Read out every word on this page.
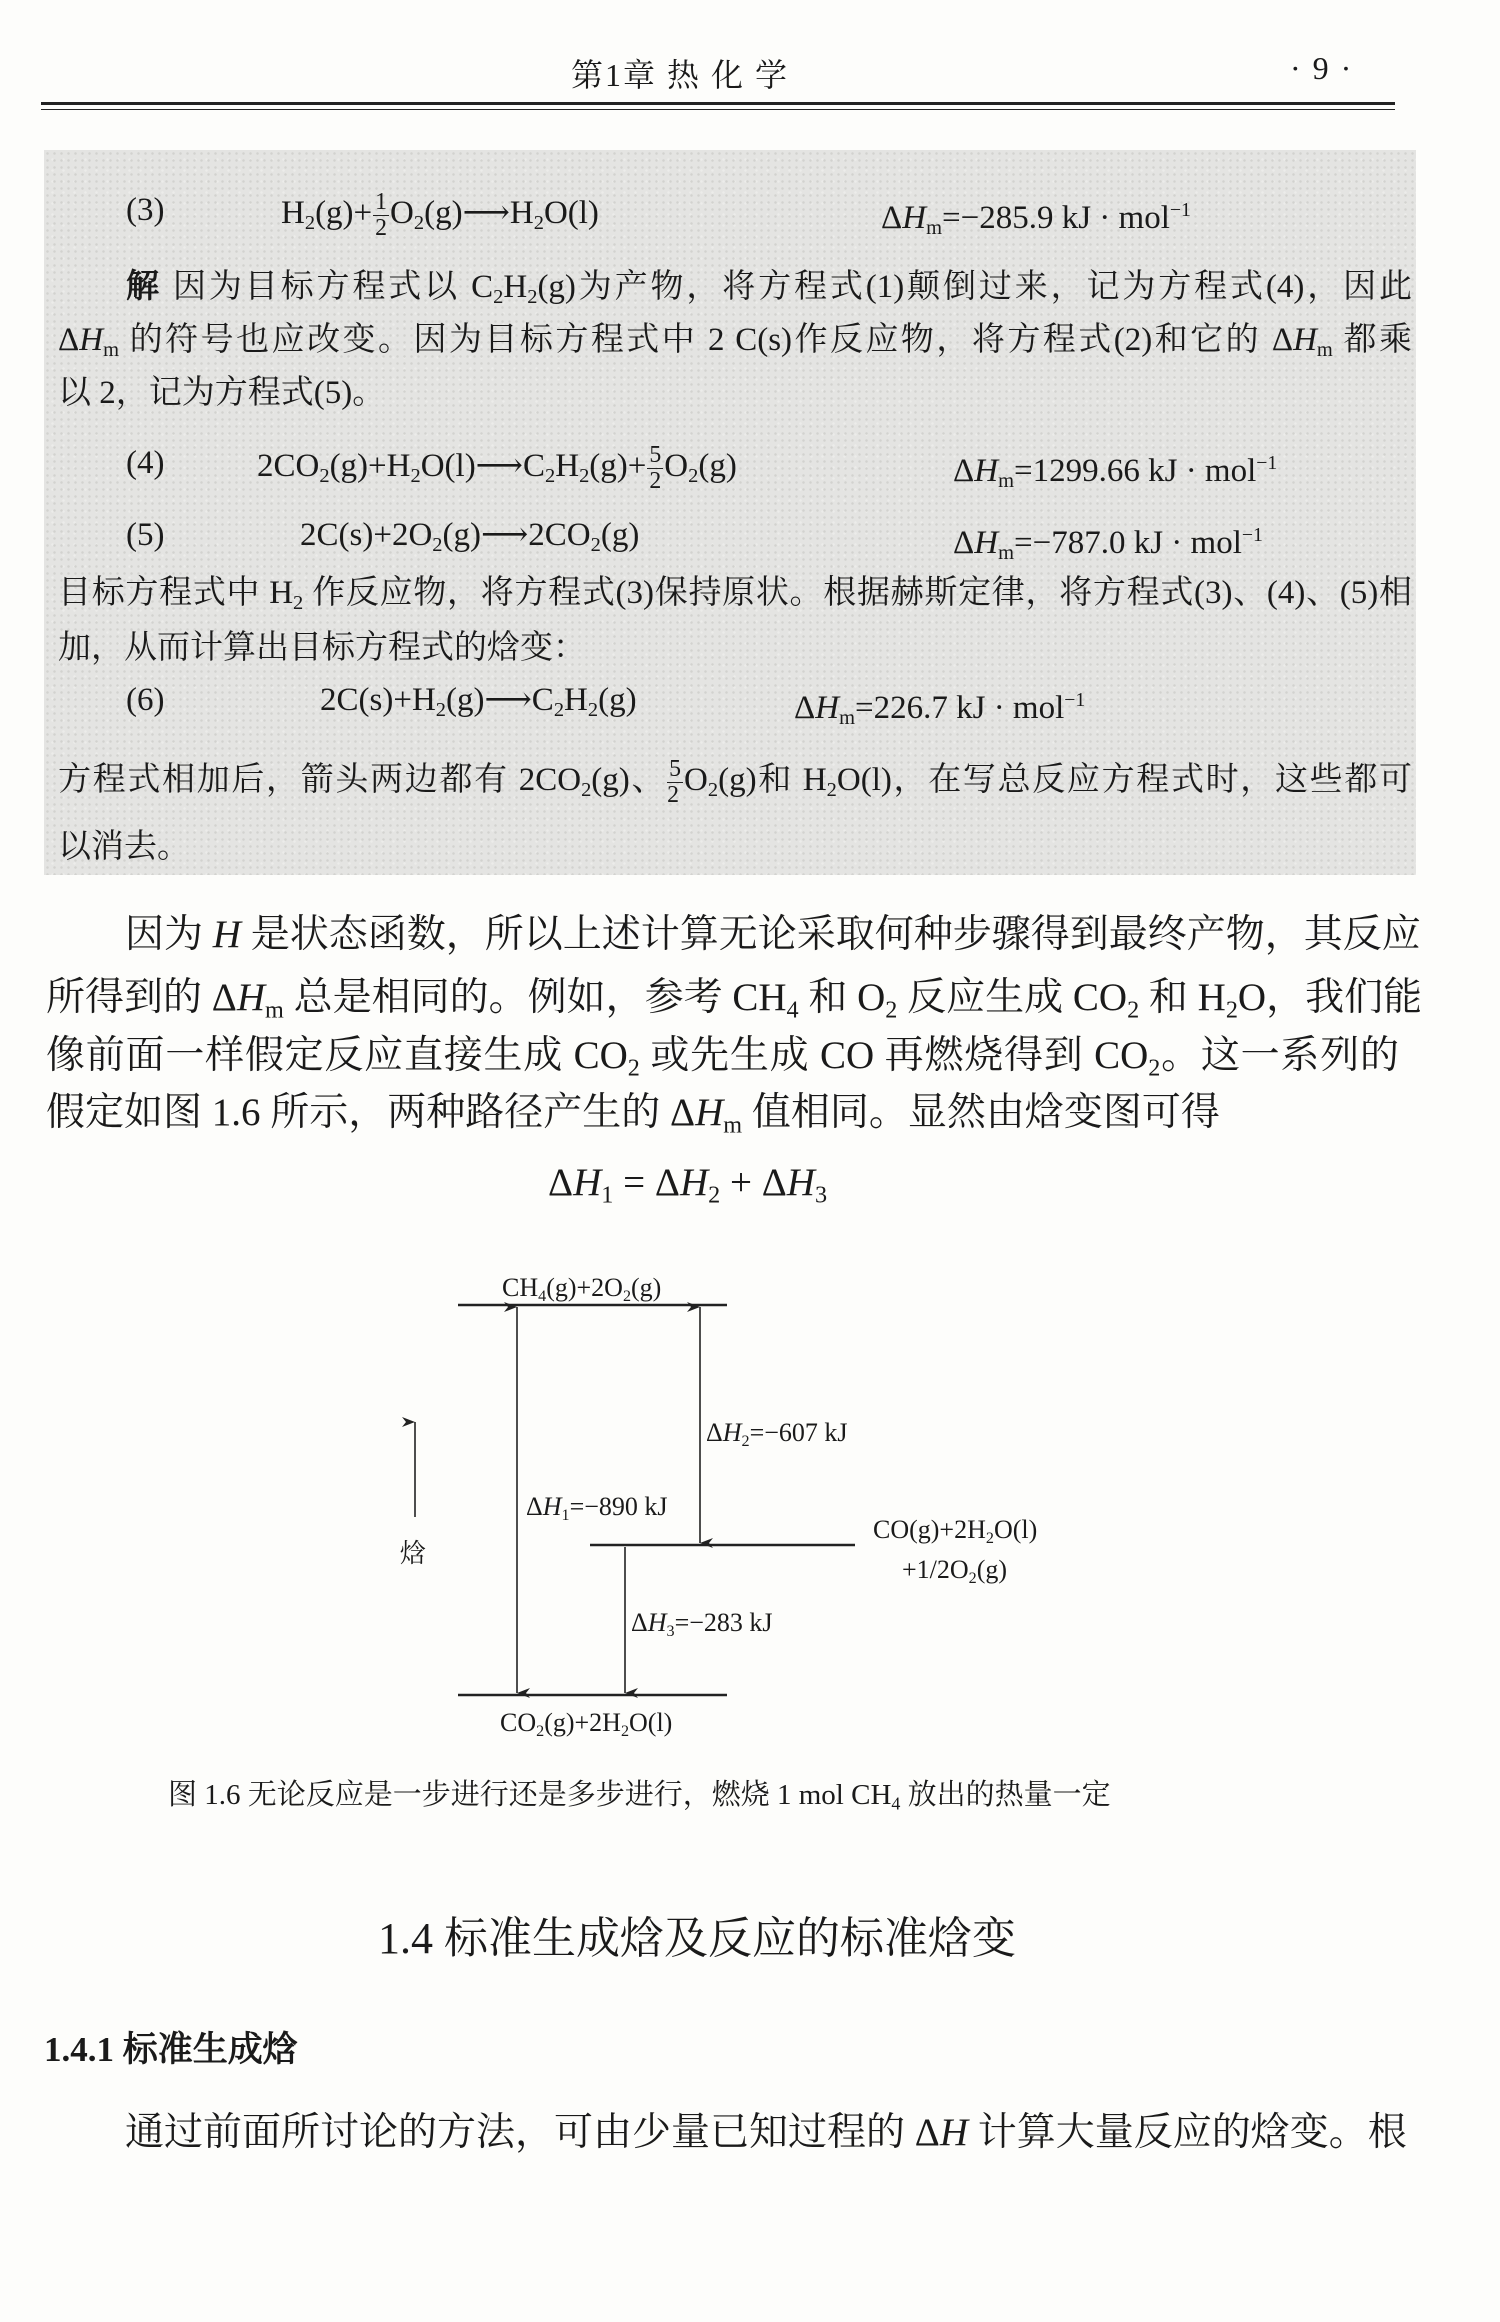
第1章 热 化 学	· 9 ·
(3)	$H_2(g)+ \frac{1}{2}$ $O_2(g)⟶H_2O(l)$	$\Delta H_m=-285.9$ kJ · mol$^{-1}$
解 因为目标方程式以 $C_2H_2(g)$为产物，将方程式(1)颠倒过来，记为方程式(4)，因此
$\Delta H_m$ 的符号也应改变。因为目标方程式中 2 C(s)作反应物，将方程式(2)和它的 $\Delta H_m$ 都乘
以 2，记为方程式(5)。
(4)	$2CO_2(g)+H_2O(l)⟶C_2H_2(g)+ \frac{5}{2} O_2(g)$	$\Delta H_m=1299.66$ kJ · mol$^{-1}$
(5)	$2C(s)+2O_2(g)⟶2CO_2(g)$	$\Delta H_m=-787.0$ kJ · mol$^{-1}$
目标方程式中 $H_2$ 作反应物，将方程式(3)保持原状。根据赫斯定律，将方程式(3)、(4)、(5)相
加，从而计算出目标方程式的焓变：
(6)	$2C(s)+H_2(g)⟶C_2H_2(g)$	$\Delta H_m=226.7$ kJ · mol$^{-1}$
方程式相加后，箭头两边都有 $2CO_2(g)$、 $\frac{5}{2} O_2(g)$和 $H_2O(l)$，在写总反应方程式时，这些都可
以消去。
因为 H 是状态函数，所以上述计算无论采取何种步骤得到最终产物，其反应
所得到的 $\Delta H_m$ 总是相同的。例如，参考 $CH_4$ 和 $O_2$ 反应生成 $CO_2$ 和 $H_2O$，我们能
像前面一样假定反应直接生成 $CO_2$ 或先生成 CO 再燃烧得到 $CO_2$。这一系列的
假定如图 1.6 所示，两种路径产生的 $\Delta H_m$ 值相同。显然由焓变图可得
$\Delta H_1 = \Delta H_2 + \Delta H_3$
$CH_4(g)+2O_2(g)$
$\Delta H_2=-607$ kJ
$\Delta H_1=-890$ kJ
$CO(g)+2H_2O(l)$
$+1/2O_2(g)$
$\Delta H_3=-283$ kJ
$CO_2(g)+2H_2O(l)$
焓
图 1.6 无论反应是一步进行还是多步进行，燃烧 1 mol $CH_4$ 放出的热量一定
1.4 标准生成焓及反应的标准焓变
1.4.1 标准生成焓
通过前面所讨论的方法，可由少量已知过程的 ΔH 计算大量反应的焓变。根
